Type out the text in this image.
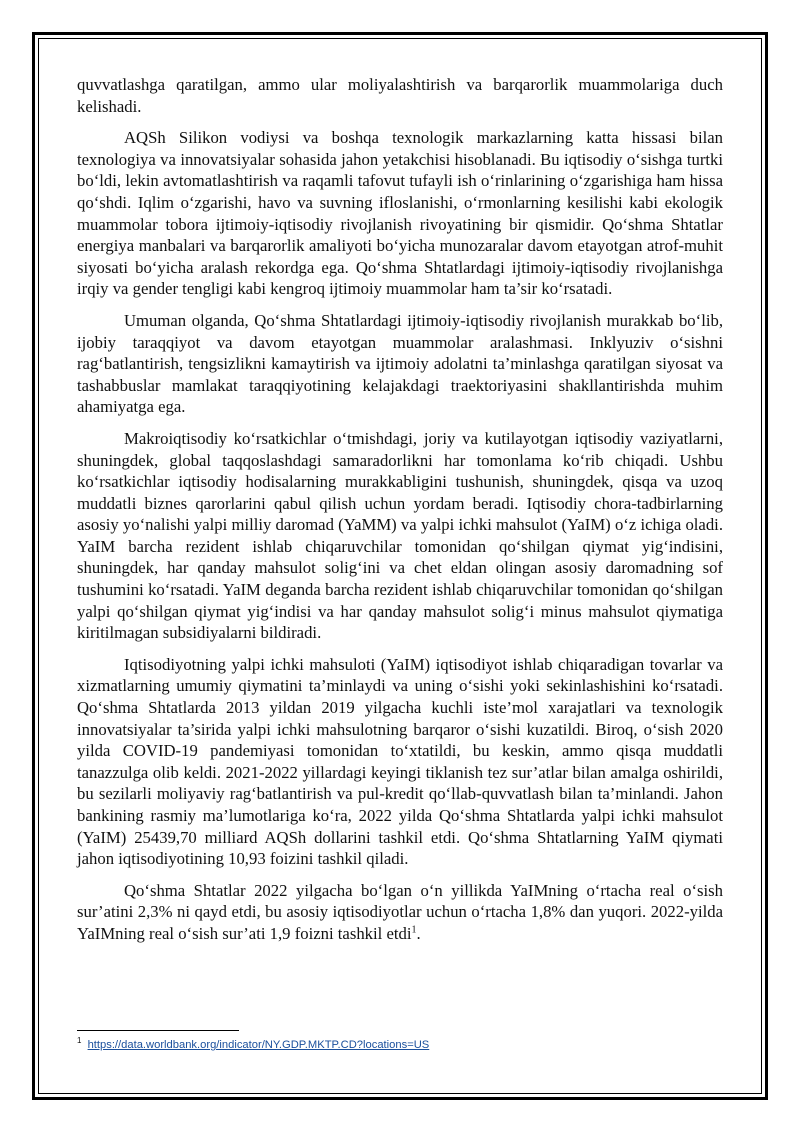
quvvatlashga qaratilgan, ammo ular moliyalashtirish va barqarorlik muammolariga duch kelishadi.

AQSh Silikon vodiysi va boshqa texnologik markazlarning katta hissasi bilan texnologiya va innovatsiyalar sohasida jahon yetakchisi hisoblanadi. Bu iqtisodiy o‘sishga turtki bo‘ldi, lekin avtomatlashtirish va raqamli tafovut tufayli ish o‘rinlarining o‘zgarishiga ham hissa qo‘shdi. Iqlim o‘zgarishi, havo va suvning ifloslanishi, o‘rmonlarning kesilishi kabi ekologik muammolar tobora ijtimoiy-iqtisodiy rivojlanish rivoyatining bir qismidir. Qo‘shma Shtatlar energiya manbalari va barqarorlik amaliyoti bo‘yicha munozaralar davom etayotgan atrof-muhit siyosati bo‘yicha aralash rekordga ega. Qo‘shma Shtatlardagi ijtimoiy-iqtisodiy rivojlanishga irqiy va gender tengligi kabi kengroq ijtimoiy muammolar ham ta’sir ko‘rsatadi.

Umuman olganda, Qo‘shma Shtatlardagi ijtimoiy-iqtisodiy rivojlanish murakkab bo‘lib, ijobiy taraqqiyot va davom etayotgan muammolar aralashmasi. Inklyuziv o‘sishni rag‘batlantirish, tengsizlikni kamaytirish va ijtimoiy adolatni ta’minlashga qaratilgan siyosat va tashabbuslar mamlakat taraqqiyotining kelajakdagi traektoriyasini shakllantirishda muhim ahamiyatga ega.

Makroiqtisodiy ko‘rsatkichlar o‘tmishdagi, joriy va kutilayotgan iqtisodiy vaziyatlarni, shuningdek, global taqqoslashdagi samaradorlikni har tomonlama ko‘rib chiqadi. Ushbu ko‘rsatkichlar iqtisodiy hodisalarning murakkabligini tushunish, shuningdek, qisqa va uzoq muddatli biznes qarorlarini qabul qilish uchun yordam beradi. Iqtisodiy chora-tadbirlarning asosiy yo‘nalishi yalpi milliy daromad (YaMM) va yalpi ichki mahsulot (YaIM) o‘z ichiga oladi. YaIM barcha rezident ishlab chiqaruvchilar tomonidan qo‘shilgan qiymat yig‘indisini, shuningdek, har qanday mahsulot solig‘ini va chet eldan olingan asosiy daromadning sof tushumini ko‘rsatadi. YaIM deganda barcha rezident ishlab chiqaruvchilar tomonidan qo‘shilgan yalpi qo‘shilgan qiymat yig‘indisi va har qanday mahsulot solig‘i minus mahsulot qiymatiga kiritilmagan subsidiyalarni bildiradi.

Iqtisodiyotning yalpi ichki mahsuloti (YaIM) iqtisodiyot ishlab chiqaradigan tovarlar va xizmatlarning umumiy qiymatini ta’minlaydi va uning o‘sishi yoki sekinlashishini ko‘rsatadi. Qo‘shma Shtatlarda 2013 yildan 2019 yilgacha kuchli iste’mol xarajatlari va texnologik innovatsiyalar ta’sirida yalpi ichki mahsulotning barqaror o‘sishi kuzatildi. Biroq, o‘sish 2020 yilda COVID-19 pandemiyasi tomonidan to‘xtatildi, bu keskin, ammo qisqa muddatli tanazzulga olib keldi. 2021-2022 yillardagi keyingi tiklanish tez sur’atlar bilan amalga oshirildi, bu sezilarli moliyaviy rag‘batlantirish va pul-kredit qo‘llab-quvvatlash bilan ta’minlandi. Jahon bankining rasmiy ma’lumotlariga ko‘ra, 2022 yilda Qo‘shma Shtatlarda yalpi ichki mahsulot (YaIM) 25439,70 milliard AQSh dollarini tashkil etdi. Qo‘shma Shtatlarning YaIM qiymati jahon iqtisodiyotining 10,93 foizini tashkil qiladi.

Qo‘shma Shtatlar 2022 yilgacha bo‘lgan o‘n yillikda YaIMning o‘rtacha real o‘sish sur’atini 2,3% ni qayd etdi, bu asosiy iqtisodiyotlar uchun o‘rtacha 1,8% dan yuqori. 2022-yilda YaIMning real o‘sish sur’ati 1,9 foizni tashkil etdi$^1$.

$^1$ https://data.worldbank.org/indicator/NY.GDP.MKTP.CD?locations=US
